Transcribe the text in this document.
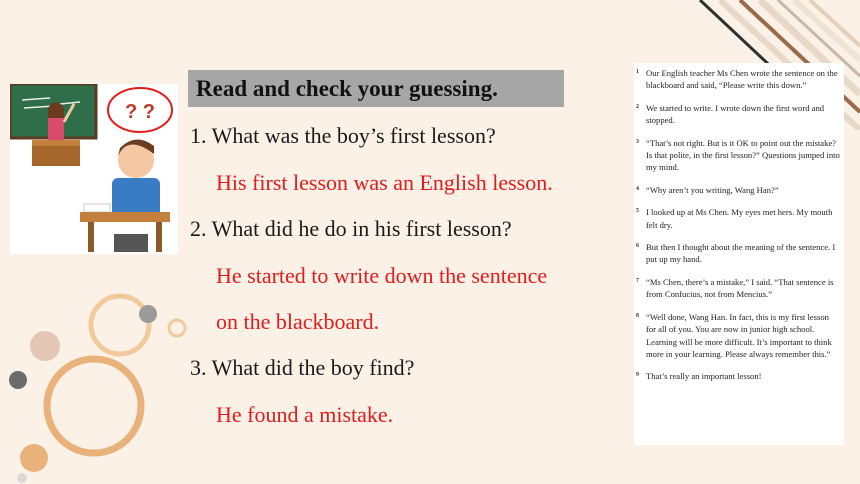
? ?
Read and check your guessing.
1. What was the boy’s first lesson?
His first lesson was an English lesson.
2. What did he do in his first lesson?
He started to write down the sentence
on the blackboard.
3. What did the boy find?
He found a mistake.
1 Our English teacher Ms Chen wrote the sentence on the blackboard and said, “Please write this down.”
2 We started to write. I wrote down the first word and stopped.
3 “That’s not right. But is it OK to point out the mistake? Is that polite, in the first lesson?” Questions jumped into my mind.
4 “Why aren’t you writing, Wang Han?”
5 I looked up at Ms Chen. My eyes met hers. My mouth felt dry.
6 But then I thought about the meaning of the sentence. I put up my hand.
7 “Ms Chen, there’s a mistake,” I said. “That sentence is from Confucius, not from Mencius.”
8 “Well done, Wang Han. In fact, this is my first lesson for all of you. You are now in junior high school. Learning will be more difficult. It’s important to think more in your learning. Please always remember this.”
9 That’s really an important lesson!
